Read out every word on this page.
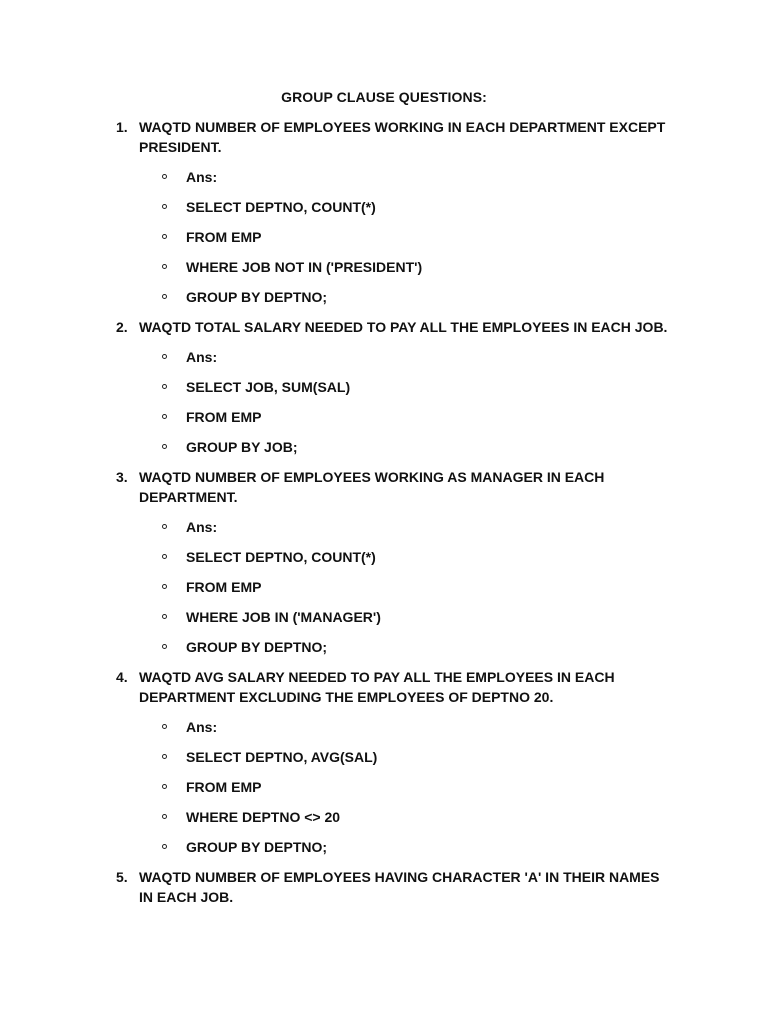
GROUP CLAUSE QUESTIONS:
1. WAQTD NUMBER OF EMPLOYEES WORKING IN EACH DEPARTMENT EXCEPT PRESIDENT.
Ans:
SELECT DEPTNO, COUNT(*)
FROM EMP
WHERE JOB NOT IN ('PRESIDENT')
GROUP BY DEPTNO;
2. WAQTD TOTAL SALARY NEEDED TO PAY ALL THE EMPLOYEES IN EACH JOB.
Ans:
SELECT JOB, SUM(SAL)
FROM EMP
GROUP BY JOB;
3. WAQTD NUMBER OF EMPLOYEES WORKING AS MANAGER IN EACH DEPARTMENT.
Ans:
SELECT DEPTNO, COUNT(*)
FROM EMP
WHERE JOB IN ('MANAGER')
GROUP BY DEPTNO;
4. WAQTD AVG SALARY NEEDED TO PAY ALL THE EMPLOYEES IN EACH DEPARTMENT EXCLUDING THE EMPLOYEES OF DEPTNO 20.
Ans:
SELECT DEPTNO, AVG(SAL)
FROM EMP
WHERE DEPTNO <> 20
GROUP BY DEPTNO;
5. WAQTD NUMBER OF EMPLOYEES HAVING CHARACTER 'A' IN THEIR NAMES IN EACH JOB.
